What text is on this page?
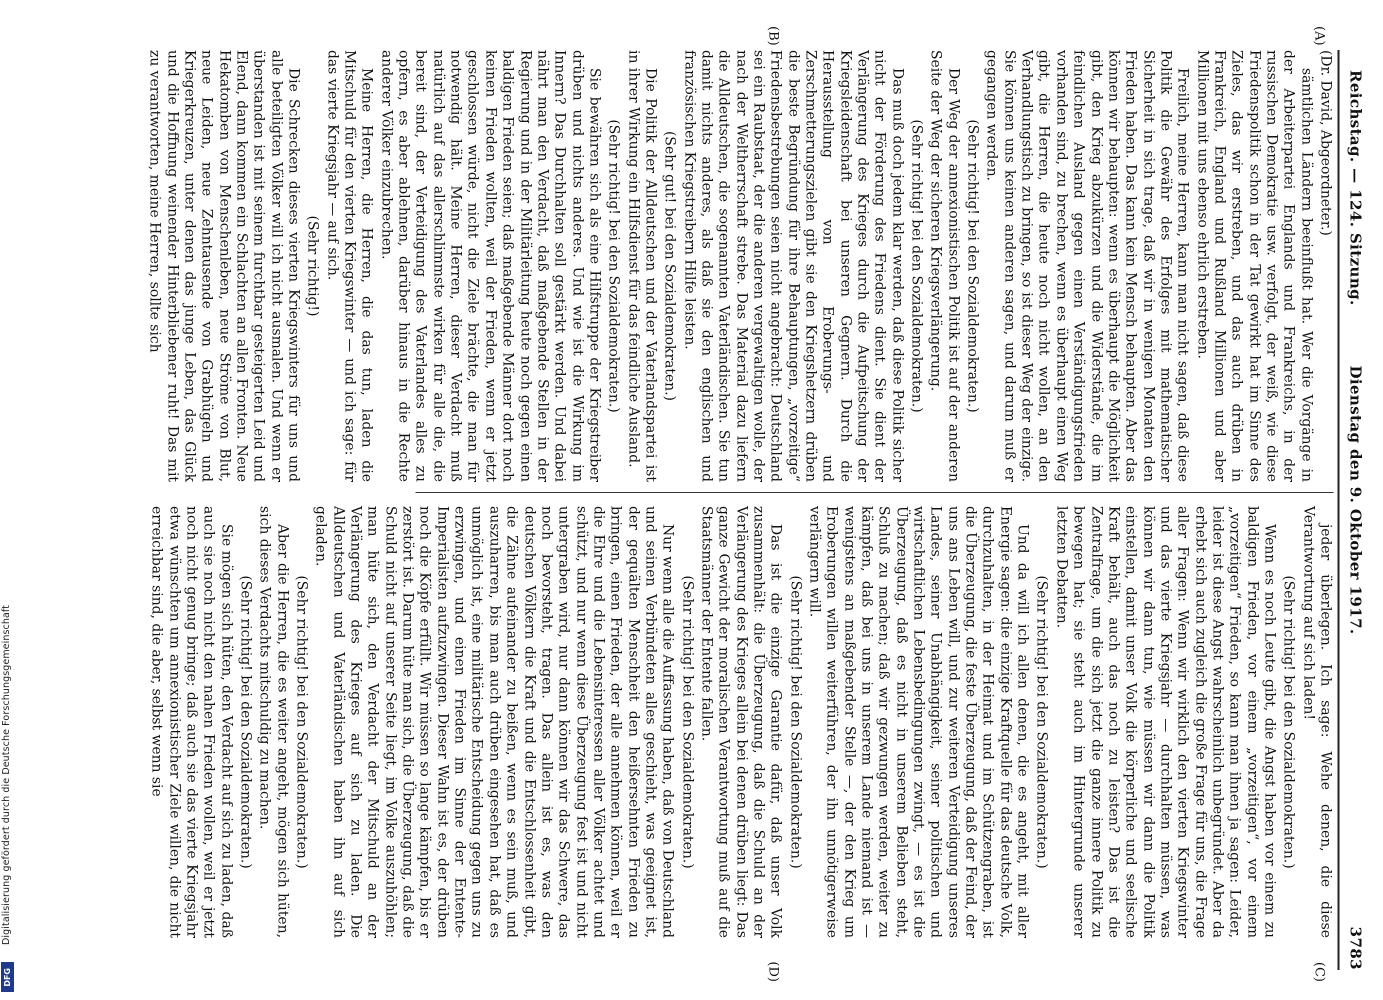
Digitalisierung gefördert durch die Deutsche Forschungsgemeinschaft
DFG
Reichstag. — 124. Sitzung.
Dienstag den 9. Oktober 1917.
3783
(A)
(B)
(C)
(D)

(Dr. David, Abgeordneter.)

sämtlichen Ländern beeinflußt hat. Wer die Vorgänge in der Arbeiterpartei Englands und Frankreichs, in der russischen Demokratie usw. verfolgt, der weiß, wie diese Friedenspolitik schon in der Tat gewirkt hat im Sinne des Zieles, das wir erstreben, und das auch drüben in Frankreich, England und Rußland Millionen und aber Millionen mit uns ebenso ehrlich erstreben.

Freilich, meine Herren, kann man nicht sagen, daß diese Politik die Gewähr des Erfolges mit mathematischer Sicherheit in sich trage, daß wir in wenigen Monaten den Frieden haben. Das kann kein Mensch behaupten. Aber das können wir behaupten: wenn es überhaupt die Möglichkeit gibt, den Krieg abzukürzen und die Widerstände, die im feindlichen Ausland gegen einen Verständigungsfrieden vorhanden sind, zu brechen, wenn es überhaupt einen Weg gibt, die Herren, die heute noch nicht wollen, an den Verhandlungstisch zu bringen, so ist dieser Weg der einzige. Sie können uns keinen anderen sagen, und darum muß er gegangen werden.

(Sehr richtig! bei den Sozialdemokraten.)

Der Weg der annexionistischen Politik ist auf der anderen Seite der Weg der sicheren Kriegsverlängerung.

(Sehr richtig! bei den Sozialdemokraten.)

Das muß doch jedem klar werden, daß diese Politik sicher nicht der Förderung des Friedens dient. Sie dient der Verlängerung des Krieges durch die Aufpeitschung der Kriegsleidenschaft bei unseren Gegnern. Durch die Herausstellung von Eroberungs- und Zerschmetterungszielen gibt sie den Kriegshetzern drüben die beste Begründung für ihre Behauptungen, „vorzeitige“ Friedensbestrebungen seien nicht angebracht: Deutschland sei ein Raubstaat, der die anderen vergewaltigen wolle, der nach der Weltherrschaft strebe. Das Material dazu liefern die Alldeutschen, die sogenannten Vaterländischen. Sie tun damit nichts anderes, als daß sie den englischen und französischen Kriegstreibern Hilfe leisten.

(Sehr gut! bei den Sozialdemokraten.)

Die Politik der Alldeutschen und der Vaterlandspartei ist in ihrer Wirkung ein Hilfsdienst für das feindliche Ausland.

(Sehr richtig! bei den Sozialdemokraten.)

Sie bewähren sich als eine Hilfstruppe der Kriegstreiber drüben und nichts anderes. Und wie ist die Wirkung im Innern? Das Durchhalten soll gestärkt werden. Und dabei nährt man den Verdacht, daß maßgebende Stellen in der Regierung und in der Militärleitung heute noch gegen einen baldigen Frieden seien; daß maßgebende Männer dort noch keinen Frieden wollten, weil der Frieden, wenn er jetzt geschlossen würde, nicht die Ziele brächte, die man für notwendig hält. Meine Herren, dieser Verdacht muß natürlich auf das allerschlimmste wirken für alle die, die bereit sind, der Verteidigung des Vaterlandes alles zu opfern, es aber ablehnen, darüber hinaus in die Rechte anderer Völker einzubrechen.

Meine Herren, die Herren, die das tun, laden die Mitschuld für den vierten Kriegswinter — und ich sage: für das vierte Kriegsjahr — auf sich.

(Sehr richtig!)

Die Schrecken dieses vierten Kriegswinters für uns und alle beteiligten Völker will ich nicht ausmalen. Und wenn er überstanden ist mit seinem furchtbar gesteigerten Leid und Elend, dann kommen ein Schlachten an allen Fronten. Neue Hekatomben von Menschenleben, neue Ströme von Blut, neue Leiden, neue Zehntausende von Grabhügeln und Kriegerkreuzen, unter denen das junge Leben, das Glück und die Hoffnung weinender Hinterbliebener ruht! Das mit zu verantworten, meine Herren, sollte sich

jeder überlegen. Ich sage: Wehe denen, die diese Verantwortung auf sich laden!

(Sehr richtig! bei den Sozialdemokraten.)

Wenn es noch Leute gibt, die Angst haben vor einem zu baldigen Frieden, vor einem „vorzeitigen“, vor einem „vorzeitigen“ Frieden, so kann man ihnen ja sagen: Leider, leider ist diese Angst wahrscheinlich unbegründet. Aber da erhebt sich auch zugleich die große Frage für uns, die Frage aller Fragen: Wenn wir wirklich den vierten Kriegswinter und das vierte Kriegsjahr — durchhalten müssen, was können wir dann tun, wie müssen wir dann die Politik einstellen, damit unser Volk die körperliche und seelische Kraft behält, auch das noch zu leisten? Das ist die Zentralfrage, um die sich jetzt die ganze innere Politik zu bewegen hat; sie steht auch im Hintergrunde unserer letzten Debatten.

(Sehr richtig! bei den Sozialdemokraten.)

Und da will ich allen denen, die es angeht, mit aller Energie sagen: die einzige Kraftquelle für das deutsche Volk, durchzuhalten, in der Heimat und im Schützengraben, ist die Überzeugung, die feste Überzeugung, daß der Feind, der uns ans Leben will, und zur weiteren Verteidigung unseres Landes, seiner Unabhängigkeit, seiner politischen und wirtschaftlichen Lebensbedingungen zwingt, — es ist die Überzeugung, daß es nicht in unserem Belieben steht, Schluß zu machen; daß wir gezwungen werden, weiter zu kämpfen, daß bei uns in unserem Lande niemand ist — wenigstens an maßgebender Stelle —, der den Krieg um Eroberungen willen weiterführen, der ihn unnötigerweise verlängern will.

(Sehr richtig! bei den Sozialdemokraten.)

Das ist die einzige Garantie dafür, daß unser Volk zusammenhält: die Überzeugung, daß die Schuld an der Verlängerung des Krieges allein bei denen drüben liegt: Das ganze Gewicht der moralischen Verantwortung muß auf die Staatsmänner der Entente fallen.

(Sehr richtig! bei den Sozialdemokraten.)

Nur wenn alle die Auffassung haben, daß von Deutschland und seinen Verbündeten alles geschieht, was geeignet ist, der gequälten Menschheit den heißersehnten Frieden zu bringen, einen Frieden, der alle annehmen können, weil er die Ehre und die Lebensinteressen aller Völker achtet und schützt, und nur wenn diese Überzeugung fest ist und nicht untergraben wird, nur dann können wir das Schwere, das noch bevorsteht, tragen. Das allein ist es, was den deutschen Völkern die Kraft und die Entschlossenheit gibt, die Zähne aufeinander zu beißen, wenn es sein muß, und auszuharren, bis man auch drüben eingesehen hat, daß es unmöglich ist, eine militärische Entscheidung gegen uns zu erzwingen, und einen Frieden im Sinne der Entente-Imperialisten aufzuzwingen. Dieser Wahn ist es, der drüben noch die Köpfe erfüllt. Wir müssen so lange kämpfen, bis er zerstört ist. Darum hüte man sich, die Überzeugung, daß die Schuld nicht auf unserer Seite liegt, im Volke auszuhöhlen; man hüte sich, den Verdacht der Mitschuld an der Verlängerung des Krieges auf sich zu laden. Die Alldeutschen und Vaterländischen haben ihn auf sich geladen.

(Sehr richtig! bei den Sozialdemokraten.)

Aber die Herren, die es weiter angeht, mögen sich hüten, sich dieses Verdachts mitschuldig zu machen.

(Sehr richtig! bei den Sozialdemokraten.)

Sie mögen sich hüten, den Verdacht auf sich zu laden, daß auch sie noch nicht den nahen Frieden wollen, weil er jetzt noch nicht genug bringe; daß auch sie das vierte Kriegsjahr etwa wünschten um annexionistischer Ziele willen, die nicht erreichbar sind, die aber, selbst wenn sie
